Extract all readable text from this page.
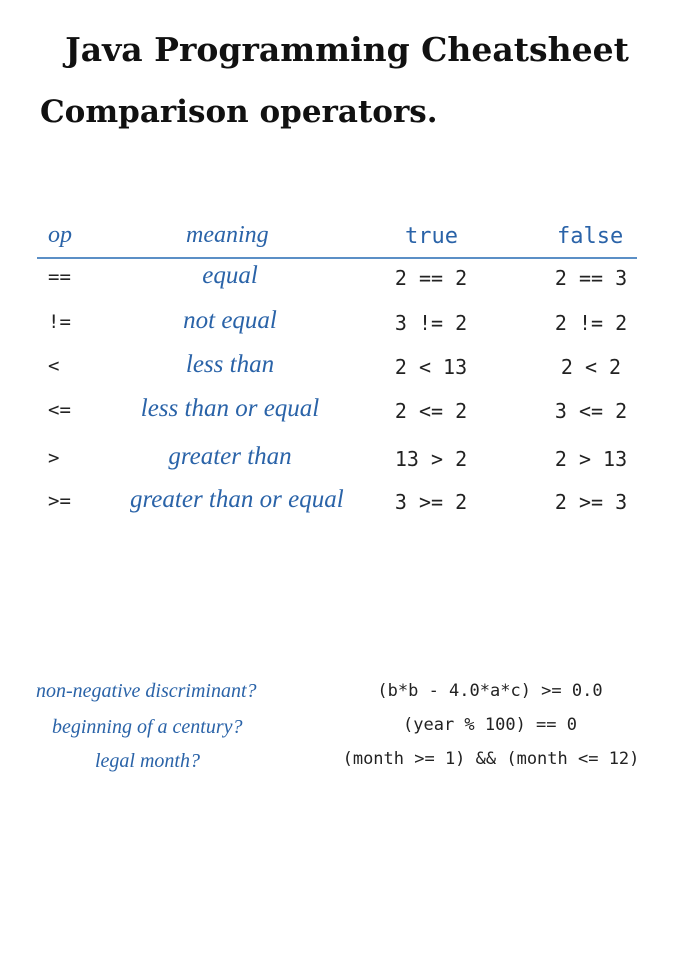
Java Programming Cheatsheet
Comparison operators.
op	meaning	true	false
==	equal	2 == 2	2 == 3
!=	not equal	3 != 2	2 != 2
<	less than	2 < 13	2 < 2
<=	less than or equal	2 <= 2	3 <= 2
>	greater than	13 > 2	2 > 13
>= greater than or equal	3 >= 2	2 >= 3
non-negative discriminant?
beginning of a century?
legal month?
(b*b - 4.0*a*c) >= 0.0
(year % 100) == 0
(month >= 1) && (month <= 12)
